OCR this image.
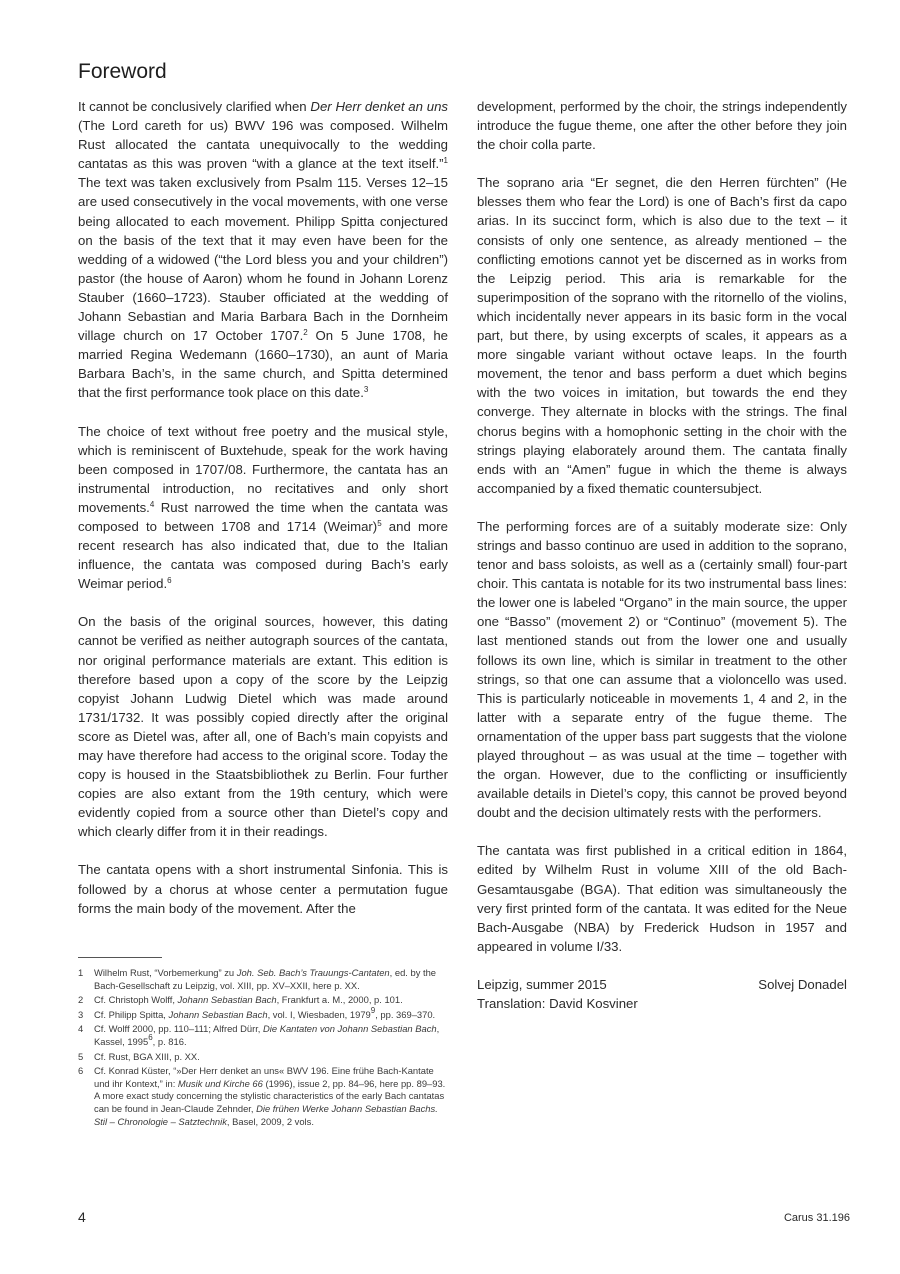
Foreword

It cannot be conclusively clarified when Der Herr denket an uns (The Lord careth for us) BWV 196 was composed. Wilhelm Rust allocated the cantata unequivocally to the wedding cantatas as this was proven “with a glance at the text itself.”$^1$ The text was taken exclusively from Psalm 115. Verses 12–15 are used consecutively in the vocal movements, with one verse being allocated to each movement. Philipp Spitta conjectured on the basis of the text that it may even have been for the wedding of a widowed (“the Lord bless you and your children”) pastor (the house of Aaron) whom he found in Johann Lorenz Stauber (1660–1723). Stauber officiated at the wedding of Johann Sebastian and Maria Barbara Bach in the Dornheim village church on 17 October 1707.$^2$ On 5 June 1708, he married Regina Wedemann (1660–1730), an aunt of Maria Barbara Bach’s, in the same church, and Spitta determined that the first performance took place on this date.$^3$

The choice of text without free poetry and the musical style, which is reminiscent of Buxtehude, speak for the work having been composed in 1707/08. Furthermore, the cantata has an instrumental introduction, no recitatives and only short movements.$^4$ Rust narrowed the time when the cantata was composed to between 1708 and 1714 (Weimar)$^5$ and more recent research has also indicated that, due to the Italian influence, the cantata was composed during Bach’s early Weimar period.$^6$

On the basis of the original sources, however, this dating cannot be verified as neither autograph sources of the cantata, nor original performance materials are extant. This edition is therefore based upon a copy of the score by the Leipzig copyist Johann Ludwig Dietel which was made around 1731/1732. It was possibly copied directly after the original score as Dietel was, after all, one of Bach’s main copyists and may have therefore had access to the original score. Today the copy is housed in the Staatsbibliothek zu Berlin. Four further copies are also extant from the 19th century, which were evidently copied from a source other than Dietel’s copy and which clearly differ from it in their readings.

The cantata opens with a short instrumental Sinfonia. This is followed by a chorus at whose center a permutation fugue forms the main body of the movement. After the

development, performed by the choir, the strings independently introduce the fugue theme, one after the other before they join the choir colla parte.

The soprano aria “Er segnet, die den Herren fürchten” (He blesses them who fear the Lord) is one of Bach’s first da capo arias. In its succinct form, which is also due to the text – it consists of only one sentence, as already mentioned – the conflicting emotions cannot yet be discerned as in works from the Leipzig period. This aria is remarkable for the superimposition of the soprano with the ritornello of the violins, which incidentally never appears in its basic form in the vocal part, but there, by using excerpts of scales, it appears as a more singable variant without octave leaps. In the fourth movement, the tenor and bass perform a duet which begins with the two voices in imitation, but towards the end they converge. They alternate in blocks with the strings. The final chorus begins with a homophonic setting in the choir with the strings playing elaborately around them. The cantata finally ends with an “Amen” fugue in which the theme is always accompanied by a fixed thematic countersubject.

The performing forces are of a suitably moderate size: Only strings and basso continuo are used in addition to the soprano, tenor and bass soloists, as well as a (certainly small) four-part choir. This cantata is notable for its two instrumental bass lines: the lower one is labeled “Organo” in the main source, the upper one “Basso” (movement 2) or “Continuo” (movement 5). The last mentioned stands out from the lower one and usually follows its own line, which is similar in treatment to the other strings, so that one can assume that a violoncello was used. This is particularly noticeable in movements 1, 4 and 2, in the latter with a separate entry of the fugue theme. The ornamentation of the upper bass part suggests that the violone played throughout – as was usual at the time – together with the organ. However, due to the conflicting or insufficiently available details in Dietel’s copy, this cannot be proved beyond doubt and the decision ultimately rests with the performers.

The cantata was first published in a critical edition in 1864, edited by Wilhelm Rust in volume XIII of the old Bach-Gesamtausgabe (BGA). That edition was simultaneously the very first printed form of the cantata. It was edited for the Neue Bach-Ausgabe (NBA) by Frederick Hudson in 1957 and appeared in volume I/33.

Leipzig, summer 2015	Solvej Donadel
Translation: David Kosviner
1	Wilhelm Rust, “Vorbemerkung” zu Joh. Seb. Bach’s Trauungs-Cantaten, ed. by the Bach-Gesellschaft zu Leipzig, vol. XIII, pp. XV–XXII, here p. XX.
2	Cf. Christoph Wolff, Johann Sebastian Bach, Frankfurt a. M., 2000, p. 101.
3	Cf. Philipp Spitta, Johann Sebastian Bach, vol. I, Wiesbaden, 1979$^9$, pp. 369–370.
4	Cf. Wolff 2000, pp. 110–111; Alfred Dürr, Die Kantaten von Johann Sebastian Bach, Kassel, 1995$^6$, p. 816.
5	Cf. Rust, BGA XIII, p. XX.
6	Cf. Konrad Küster, “»Der Herr denket an uns« BWV 196. Eine frühe Bach-Kantate und ihr Kontext,” in: Musik und Kirche 66 (1996), issue 2, pp. 84–96, here pp. 89–93. A more exact study concerning the stylistic characteristics of the early Bach cantatas can be found in Jean-Claude Zehnder, Die frühen Werke Johann Sebastian Bachs. Stil – Chronologie – Satztechnik, Basel, 2009, 2 vols.
4	Carus 31.196
